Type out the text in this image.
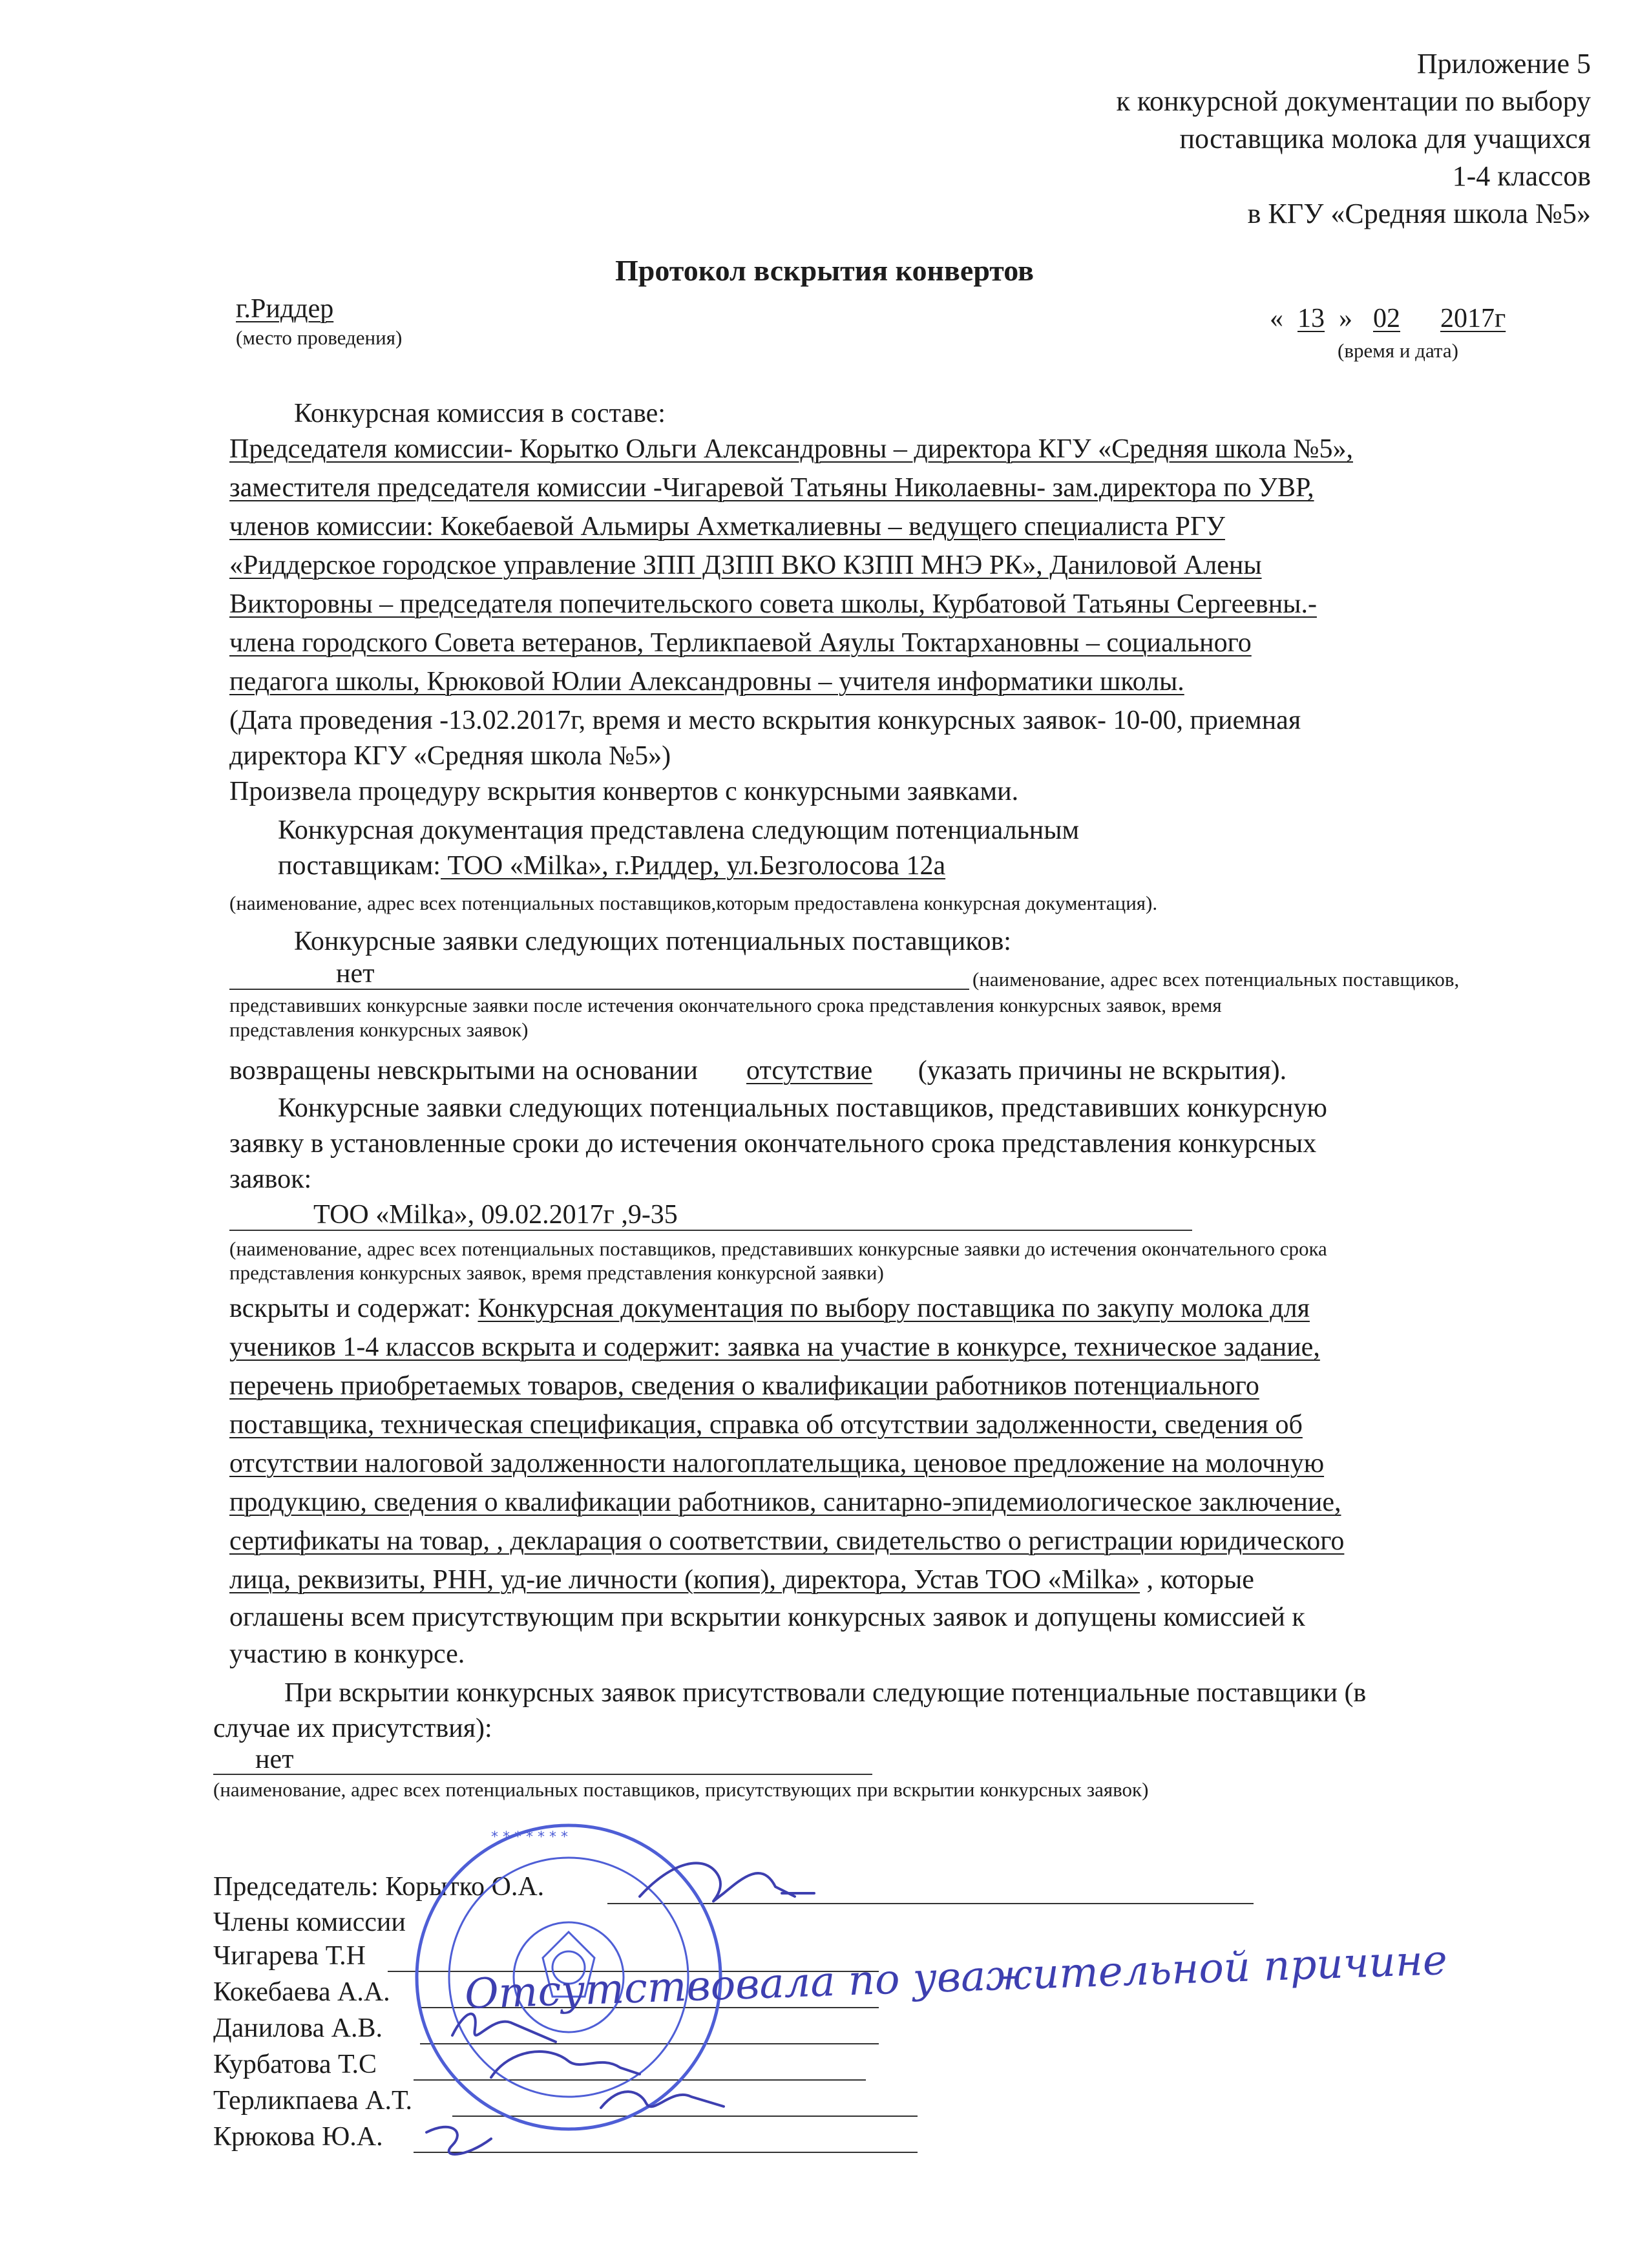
Приложение 5
к конкурсной документации по выбору
поставщика молока для учащихся
1-4 классов
в КГУ «Средняя школа №5»
Протокол вскрытия конвертов
г.Риддер
(место проведения)
« 13 » 02 2017г
(время и дата)
Конкурсная комиссия в составе:
Председателя комиссии- Корытко Ольги Александровны – директора КГУ «Средняя школа №5»,
заместителя председателя комиссии -Чигаревой Татьяны Николаевны- зам.директора по УВР,
членов комиссии: Кокебаевой Альмиры Ахметкалиевны – ведущего специалиста РГУ
«Риддерское городское управление ЗПП ДЗПП ВКО КЗПП МНЭ РК», Даниловой Алены
Викторовны – председателя попечительского совета школы, Курбатовой Татьяны Сергеевны.-
члена городского Совета ветеранов, Терликпаевой Аяулы Токтархановны – социального
педагога школы, Крюковой Юлии Александровны – учителя информатики школы.
(Дата проведения -13.02.2017г, время и место вскрытия конкурсных заявок- 10-00, приемная
директора КГУ «Средняя школа №5»)
Произвела процедуру вскрытия конвертов с конкурсными заявками.
Конкурсная документация представлена следующим потенциальным
поставщикам: ТОО «Milka», г.Риддер, ул.Безголосова 12а
(наименование, адрес всех потенциальных поставщиков,которым предоставлена конкурсная документация).
Конкурсные заявки следующих потенциальных поставщиков:
нет	(наименование, адрес всех потенциальных поставщиков,
представивших конкурсные заявки после истечения окончательного срока представления конкурсных заявок, время
представления конкурсных заявок)
возвращены невскрытыми на основании отсутствие (указать причины не вскрытия).
Конкурсные заявки следующих потенциальных поставщиков, представивших конкурсную
заявку в установленные сроки до истечения окончательного срока представления конкурсных
заявок:
ТОО «Milka», 09.02.2017г ,9-35
(наименование, адрес всех потенциальных поставщиков, представивших конкурсные заявки до истечения окончательного срока
представления конкурсных заявок, время представления конкурсной заявки)
вскрыты и содержат: Конкурсная документация по выбору поставщика по закупу молока для
учеников 1-4 классов вскрыта и содержит: заявка на участие в конкурсе, техническое задание,
перечень приобретаемых товаров, сведения о квалификации работников потенциального
поставщика, техническая спецификация, справка об отсутствии задолженности, сведения об
отсутствии налоговой задолженности налогоплательщика, ценовое предложение на молочную
продукцию, сведения о квалификации работников, санитарно-эпидемиологическое заключение,
сертификаты на товар, , декларация о соответствии, свидетельство о регистрации юридического
лица, реквизиты, РНН, уд-ие личности (копия), директора, Устав ТОО «Milka» , которые
оглашены всем присутствующим при вскрытии конкурсных заявок и допущены комиссией к
участию в конкурсе.
При вскрытии конкурсных заявок присутствовали следующие потенциальные поставщики (в
случае их присутствия):
нет
(наименование, адрес всех потенциальных поставщиков, присутствующих при вскрытии конкурсных заявок)
Председатель: Корытко О.А.
Члены комиссии
Чигарева Т.Н
Кокебаева А.А.
Данилова А.В.
Курбатова Т.С
Терликпаева А.Т.
Крюкова Ю.А.
* * * * * * *
Отсутствовала по уважительной причине
